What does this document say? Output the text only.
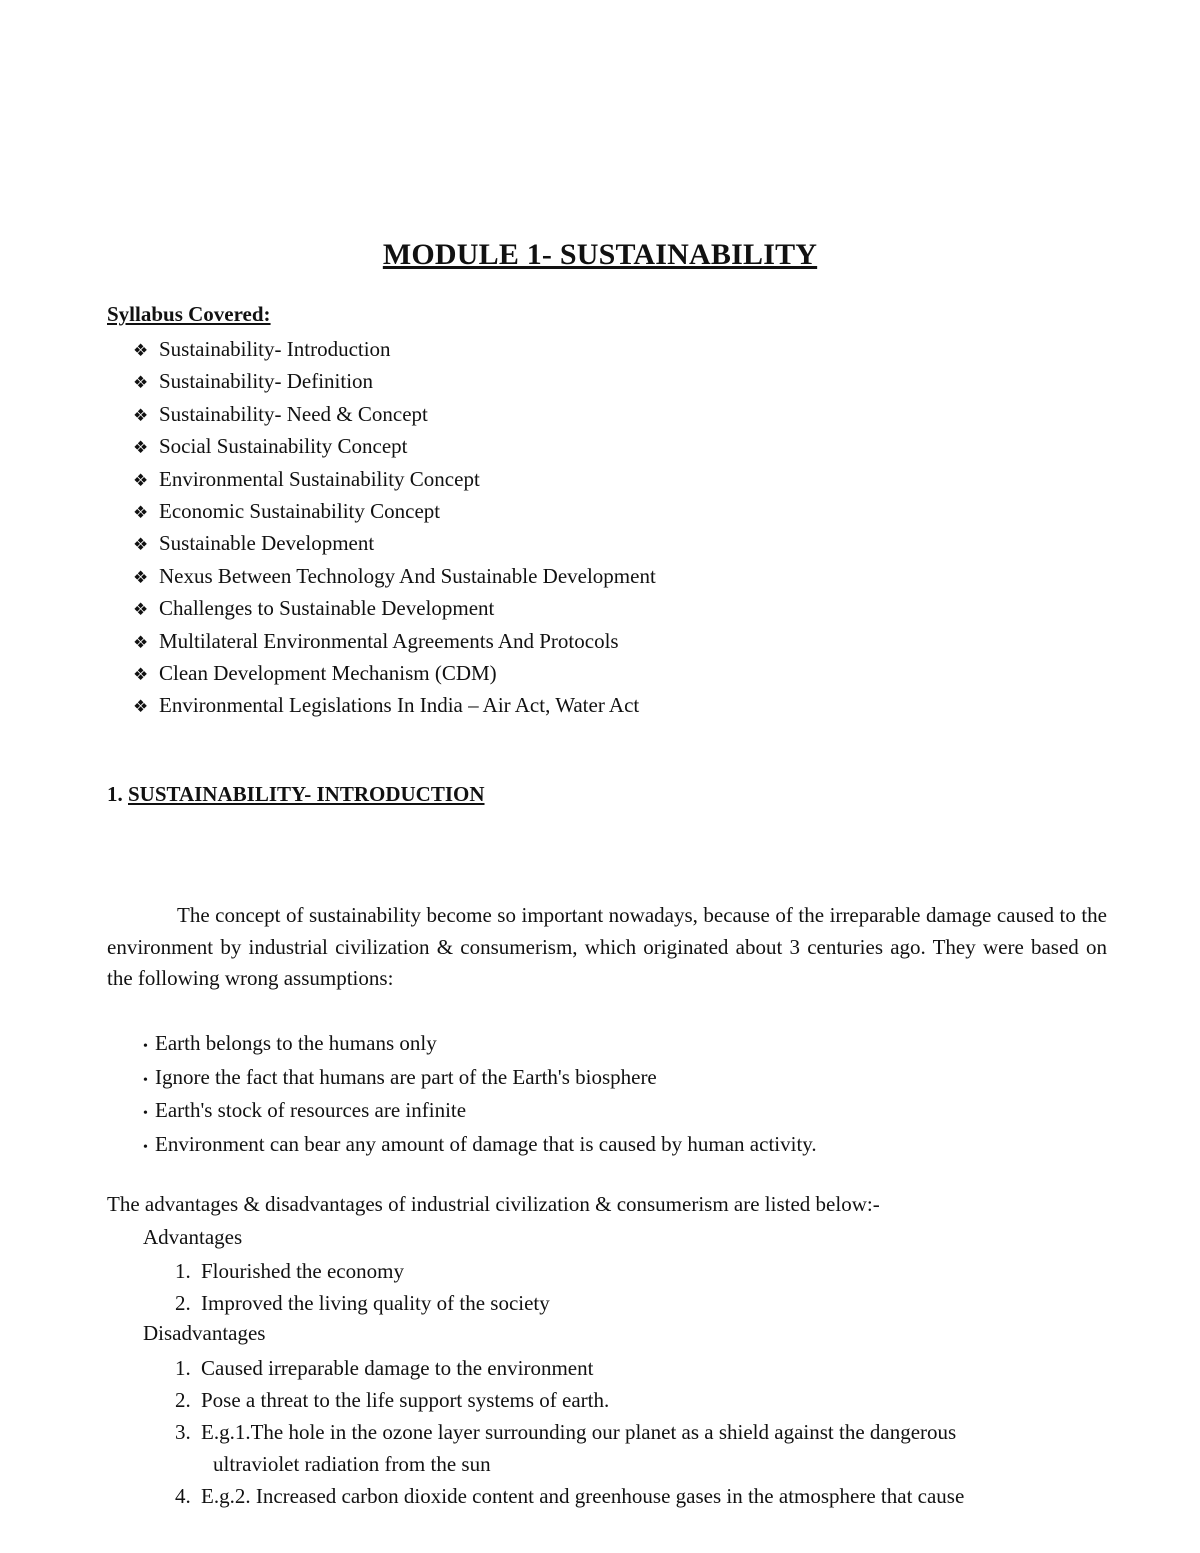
MODULE 1- SUSTAINABILITY
Syllabus Covered:
❖ Sustainability- Introduction
❖ Sustainability- Definition
❖ Sustainability- Need & Concept
❖ Social Sustainability Concept
❖ Environmental Sustainability Concept
❖ Economic Sustainability Concept
❖ Sustainable Development
❖ Nexus Between Technology And Sustainable Development
❖ Challenges to Sustainable Development
❖ Multilateral Environmental Agreements And Protocols
❖ Clean Development Mechanism (CDM)
❖ Environmental Legislations In India – Air Act, Water Act
1. SUSTAINABILITY- INTRODUCTION

The concept of sustainability become so important nowadays, because of the irreparable damage caused to the environment by industrial civilization & consumerism, which originated about 3 centuries ago. They were based on the following wrong assumptions:

• Earth belongs to the humans only
• Ignore the fact that humans are part of the Earth's biosphere
• Earth's stock of resources are infinite
• Environment can bear any amount of damage that is caused by human activity.
The advantages & disadvantages of industrial civilization & consumerism are listed below:-
Advantages
1. Flourished the economy
2. Improved the living quality of the society
Disadvantages
1. Caused irreparable damage to the environment
2. Pose a threat to the life support systems of earth.
3. E.g.1.The hole in the ozone layer surrounding our planet as a shield against the dangerous
ultraviolet radiation from the sun
4. E.g.2. Increased carbon dioxide content and greenhouse gases in the atmosphere that cause
